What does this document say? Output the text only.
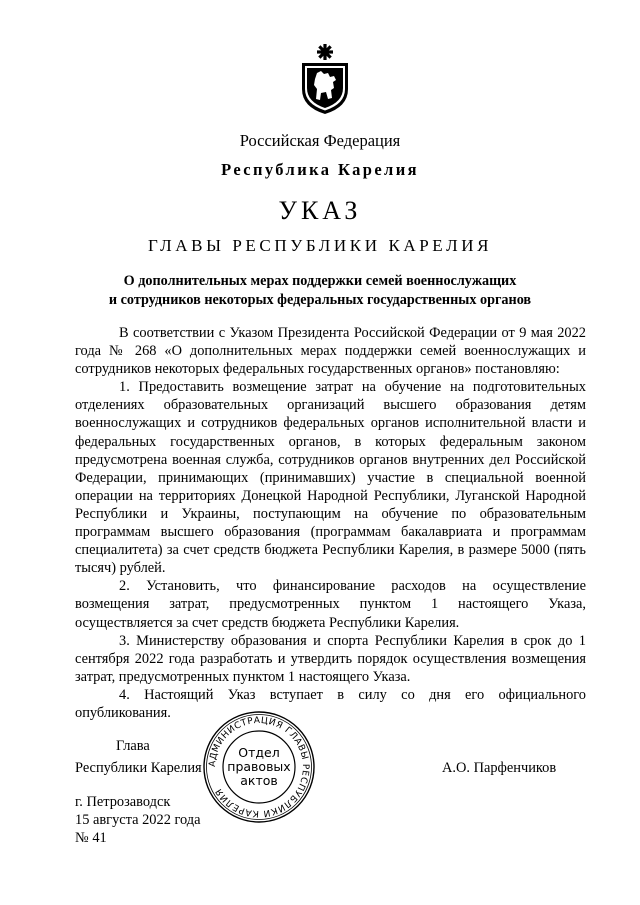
Российская Федерация
Республика Карелия
УКАЗ
ГЛАВЫ РЕСПУБЛИКИ КАРЕЛИЯ
О дополнительных мерах поддержки семей военнослужащих
и сотрудников некоторых федеральных государственных органов

В соответствии с Указом Президента Российской Федерации от 9 мая 2022 года № 268 «О дополнительных мерах поддержки семей военнослужащих и сотрудников некоторых федеральных государственных органов» постановляю:

1. Предоставить возмещение затрат на обучение на подготовительных отделениях образовательных организаций высшего образования детям военнослужащих и сотрудников федеральных органов исполнительной власти и федеральных государственных органов, в которых федеральным законом предусмотрена военная служба, сотрудников органов внутренних дел Российской Федерации, принимающих (принимавших) участие в специальной военной операции на территориях Донецкой Народной Республики, Луганской Народной Республики и Украины, поступающим на обучение по образовательным программам высшего образования (программам бакалавриата и программам специалитета) за счет средств бюджета Республики Карелия, в размере 5000 (пять тысяч) рублей.

2. Установить, что финансирование расходов на осуществление возмещения затрат, предусмотренных пунктом 1 настоящего Указа, осуществляется за счет средств бюджета Республики Карелия.

3. Министерству образования и спорта Республики Карелия в срок до 1 сентября 2022 года разработать и утвердить порядок осуществления возмещения затрат, предусмотренных пунктом 1 настоящего Указа.

4. Настоящий Указ вступает в силу со дня его официального опубликования.

Глава
Республики Карелия	А.О. Парфенчиков
г. Петрозаводск
15 августа 2022 года
№ 41
АДМИНИСТРАЦИЯ ГЛАВЫ РЕСПУБЛИКИ КАРЕЛИЯ
Отдел
правовых
актов
